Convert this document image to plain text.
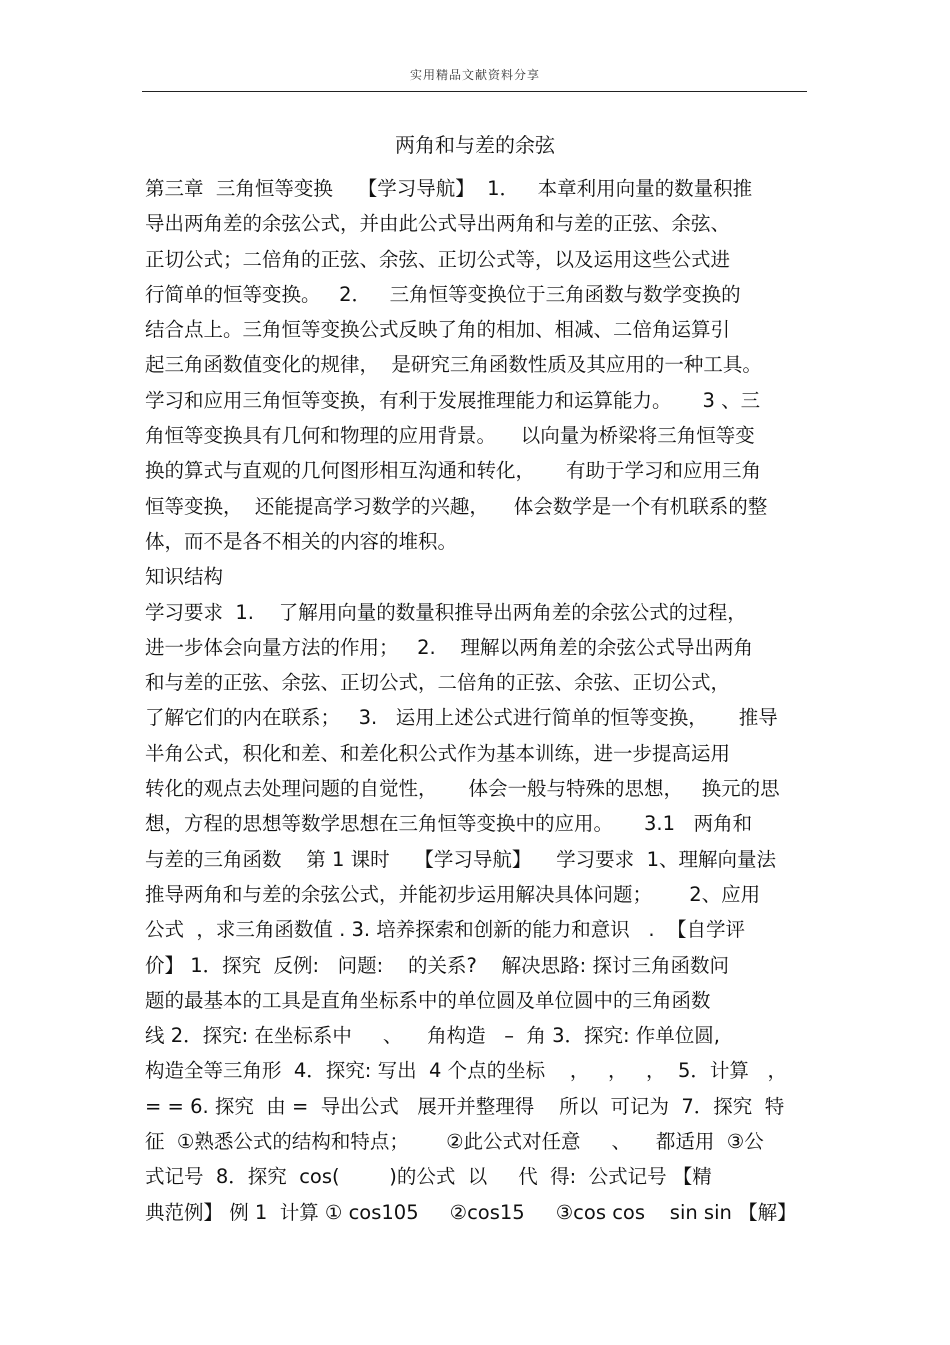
实用精品文献资料分享
两角和与差的余弦
第三章  三角恒等变换    【学习导航】  1．   本章利用向量的数量积推
导出两角差的余弦公式，并由此公式导出两角和与差的正弦、余弦、
正切公式；二倍角的正弦、余弦、正切公式等，以及运用这些公式进
行简单的恒等变换。   2．   三角恒等变换位于三角函数与数学变换的
结合点上。三角恒等变换公式反映了角的相加、相减、二倍角运算引
起三角函数值变化的规律，  是研究三角函数性质及其应用的一种工具。
学习和应用三角恒等变换，有利于发展推理能力和运算能力。     3 、三
角恒等变换具有几何和物理的应用背景。    以向量为桥梁将三角恒等变
换的算式与直观的几何图形相互沟通和转化，     有助于学习和应用三角
恒等变换，  还能提高学习数学的兴趣，    体会数学是一个有机联系的整
体，而不是各不相关的内容的堆积。
知识结构
学习要求  1.    了解用向量的数量积推导出两角差的余弦公式的过程，
进一步体会向量方法的作用；   2.    理解以两角差的余弦公式导出两角
和与差的正弦、余弦、正切公式，二倍角的正弦、余弦、正切公式，
了解它们的内在联系；   3.   运用上述公式进行简单的恒等变换，     推导
半角公式，积化和差、和差化积公式作为基本训练，进一步提高运用
转化的观点去处理问题的自觉性，     体会一般与特殊的思想，   换元的思
想，方程的思想等数学思想在三角恒等变换中的应用。     3.1   两角和
与差的三角函数    第 1 课时    【学习导航】    学习要求  1、理解向量法
推导两角和与差的余弦公式，并能初步运用解决具体问题；      2、应用
公式  ，求三角函数值 . 3. 培养探索和创新的能力和意识   .  【自学评
价】 1．探究  反例:   问题:    的关系?    解决思路: 探讨三角函数问
题的最基本的工具是直角坐标系中的单位圆及单位圆中的三角函数
线 2．探究: 在坐标系中     、    角构造   –  角 3．探究: 作单位圆,
构造全等三角形  4．探究: 写出  4 个点的坐标    ，   ，   ，  5．计算   ，
= = 6. 探究  由 =  导出公式   展开并整理得    所以  可记为  7．探究  特
征  ①熟悉公式的结构和特点；      ②此公式对任意     、    都适用  ③公
式记号  8．探究  cos(        )的公式  以     代  得:  公式记号 【精
典范例】 例 1  计算 ① cos105     ②cos15     ③cos cos    sin sin 【解】
